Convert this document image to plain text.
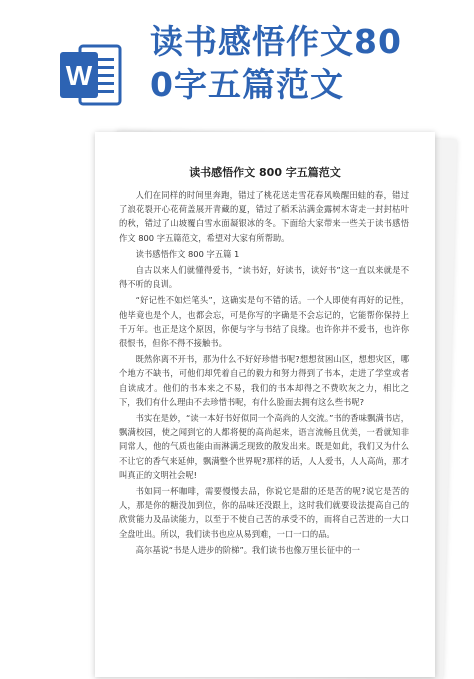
W
读书感悟作文80
0字五篇范文
读书感悟作文 800 字五篇范文

人们在同样的时间里奔跑，错过了桃花送走雪花春风唤醒田蛙的春，错过了浪花裂开心花荷盖展开青藏的夏，错过了稻禾沾满金露树木寄走一封封枯叶的秋，错过了山坡覆白雪水面凝银冰的冬。下面给大家带来一些关于读书感悟作文 800 字五篇范文，希望对大家有所帮助。

读书感悟作文 800 字五篇 1

自古以来人们就懂得爱书，“读书好，好读书，读好书”这一直以来就是不得不听的良训。

“好记性不如烂笔头”，这确实是句不错的话。一个人即使有再好的记性，他毕竟也是个人，也都会忘，可是你写的字确是不会忘记的，它能帮你保持上千万年。也正是这个原因，你便与字与书结了良缘。也许你并不爱书，也许你很恨书，但你不得不接触书。

既然你离不开书，那为什么不好好珍惜书呢?想想贫困山区，想想灾区，哪个地方不缺书，可他们却凭着自己的毅力和努力得到了书本，走进了学堂或者自读成才。他们的书本来之不易，我们的书本却得之不费吹灰之力，相比之下，我们有什么理由不去珍惜书呢，有什么脸面去拥有这么些书呢?

书实在是妙，“读一本好书好似同一个高尚的人交流。”书的香味飘满书店，飘满校园，使之闻到它的人都将便的高尚起来，语言流畅且优美，一看就知非同常人，他的气质也能由而淋满乏现致的散发出来。既是如此，我们又为什么不让它的香气来延伸，飘满整个世界呢?那样的话，人人爱书，人人高尚，那才叫真正的文明社会呢!

书如同一杯咖啡，需要慢慢去品，你说它是甜的还是苦的呢?说它是苦的人，那是你的糖没加到位，你的品味还没跟上，这时我们就要设法提高自己的欣赏能力及品读能力，以至于不使自己苦的承受不的，而将自己苦进的一大口全盘吐出。所以，我们读书也应从易到难，一口一口的品。

高尔基说“书是人进步的阶梯”。我们读书也像万里长征中的一
